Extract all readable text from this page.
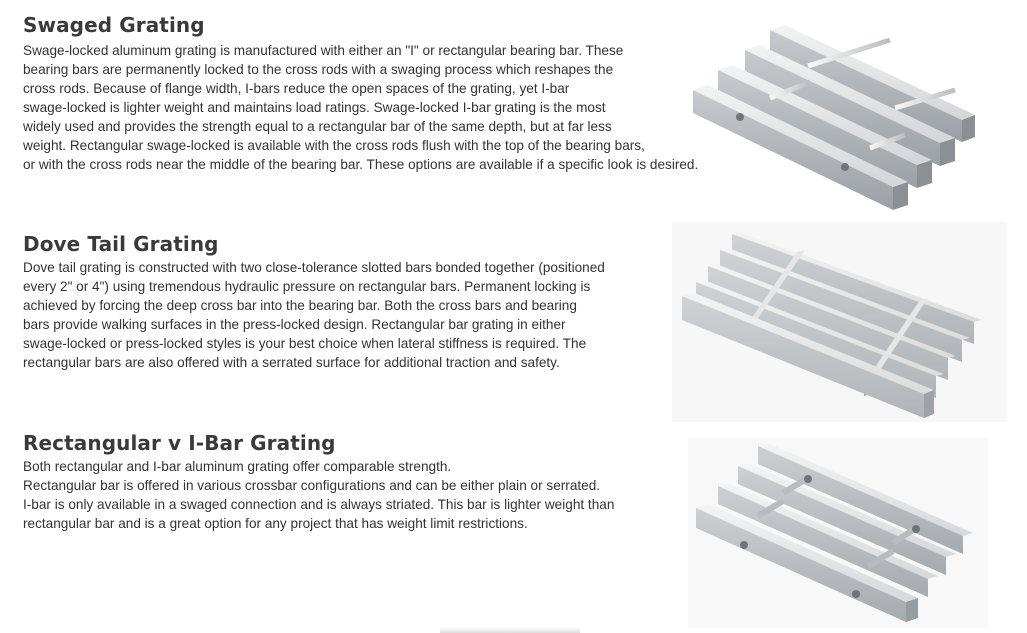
Swaged Grating
Swage-locked aluminum grating is manufactured with either an "I" or rectangular bearing bar. These
bearing bars are permanently locked to the cross rods with a swaging process which reshapes the
cross rods. Because of flange width, I-bars reduce the open spaces of the grating, yet I-bar
swage-locked is lighter weight and maintains load ratings. Swage-locked I-bar grating is the most
widely used and provides the strength equal to a rectangular bar of the same depth, but at far less
weight. Rectangular swage-locked is available with the cross rods flush with the top of the bearing bars,
or with the cross rods near the middle of the bearing bar. These options are available if a specific look is desired.
Dove Tail Grating
Dove tail grating is constructed with two close-tolerance slotted bars bonded together (positioned
every 2" or 4") using tremendous hydraulic pressure on rectangular bars. Permanent locking is
achieved by forcing the deep cross bar into the bearing bar. Both the cross bars and bearing
bars provide walking surfaces in the press-locked design. Rectangular bar grating in either
swage-locked or press-locked styles is your best choice when lateral stiffness is required. The
rectangular bars are also offered with a serrated surface for additional traction and safety.
Rectangular v I-Bar Grating
Both rectangular and I-bar aluminum grating offer comparable strength.
Rectangular bar is offered in various crossbar configurations and can be either plain or serrated.
I-bar is only available in a swaged connection and is always striated. This bar is lighter weight than
rectangular bar and is a great option for any project that has weight limit restrictions.
